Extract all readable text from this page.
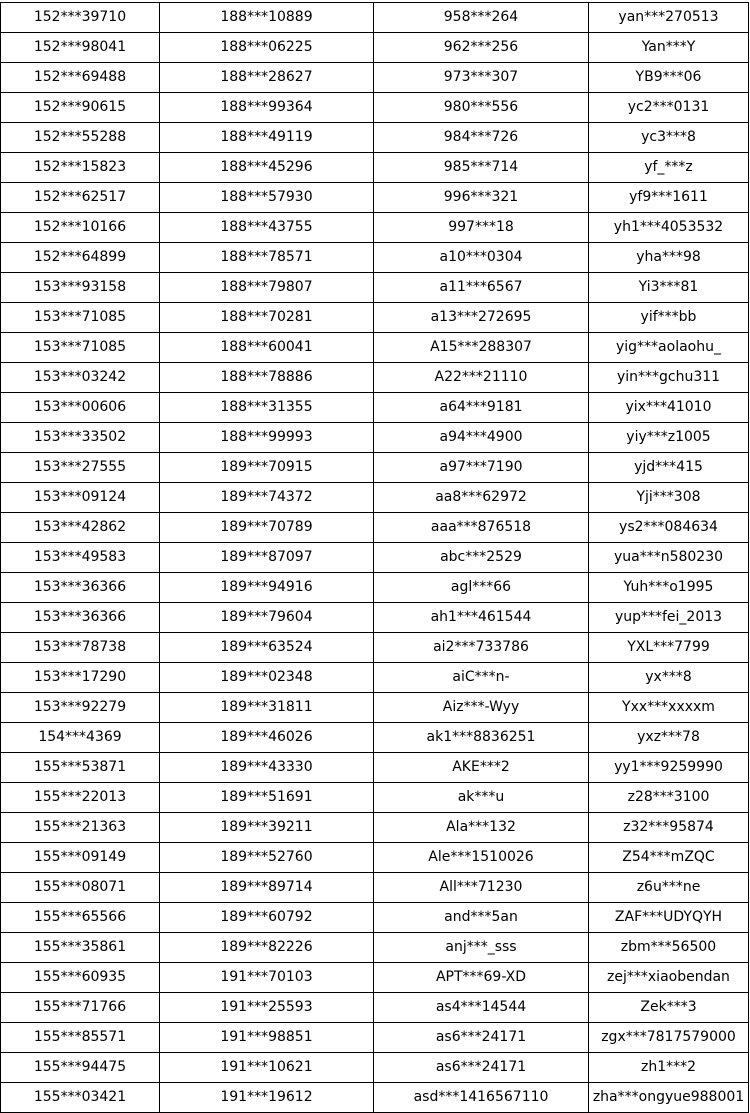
152***39710	188***10889	958***264	yan***270513
152***98041	188***06225	962***256	Yan***Y
152***69488	188***28627	973***307	YB9***06
152***90615	188***99364	980***556	yc2***0131
152***55288	188***49119	984***726	yc3***8
152***15823	188***45296	985***714	yf_***z
152***62517	188***57930	996***321	yf9***1611
152***10166	188***43755	997***18	yh1***4053532
152***64899	188***78571	a10***0304	yha***98
153***93158	188***79807	a11***6567	Yi3***81
153***71085	188***70281	a13***272695	yif***bb
153***71085	188***60041	A15***288307	yig***aolaohu_
153***03242	188***78886	A22***21110	yin***gchu311
153***00606	188***31355	a64***9181	yix***41010
153***33502	188***99993	a94***4900	yiy***z1005
153***27555	189***70915	a97***7190	yjd***415
153***09124	189***74372	aa8***62972	Yji***308
153***42862	189***70789	aaa***876518	ys2***084634
153***49583	189***87097	abc***2529	yua***n580230
153***36366	189***94916	agl***66	Yuh***o1995
153***36366	189***79604	ah1***461544	yup***fei_2013
153***78738	189***63524	ai2***733786	YXL***7799
153***17290	189***02348	aiC***n-	yx***8
153***92279	189***31811	Aiz***-Wyy	Yxx***xxxxm
154***4369	189***46026	ak1***8836251	yxz***78
155***53871	189***43330	AKE***2	yy1***9259990
155***22013	189***51691	ak***u	z28***3100
155***21363	189***39211	Ala***132	z32***95874
155***09149	189***52760	Ale***1510026	Z54***mZQC
155***08071	189***89714	All***71230	z6u***ne
155***65566	189***60792	and***5an	ZAF***UDYQYH
155***35861	189***82226	anj***_sss	zbm***56500
155***60935	191***70103	APT***69-XD	zej***xiaobendan
155***71766	191***25593	as4***14544	Zek***3
155***85571	191***98851	as6***24171	zgx***7817579000
155***94475	191***10621	as6***24171	zh1***2
155***03421	191***19612	asd***1416567110	zha***ongyue988001
